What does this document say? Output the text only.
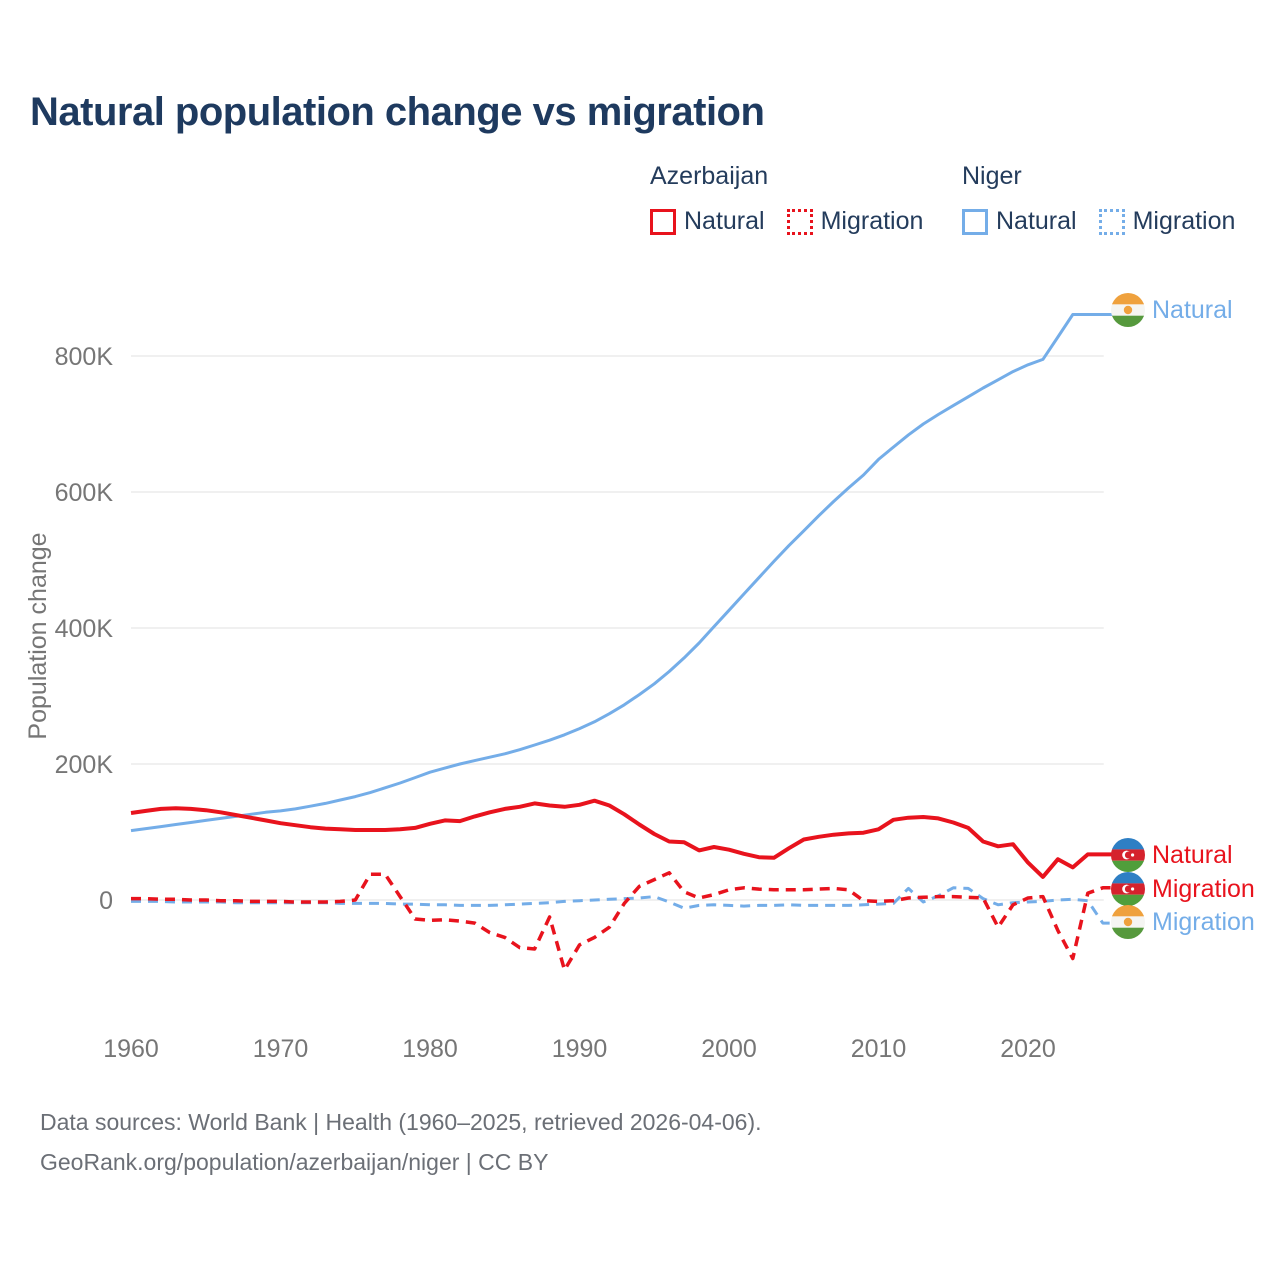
Natural population change vs migration
Azerbaijan
Natural Migration
Niger
Natural Migration
0
200K
400K
600K
800K
1960	1970	1980	1990	2000	2010	2020
Population change
Natural
Natural
Migration
Migration
Data sources: World Bank | Health (1960–2025, retrieved 2026-04-06).
GeoRank.org/population/azerbaijan/niger | CC BY
